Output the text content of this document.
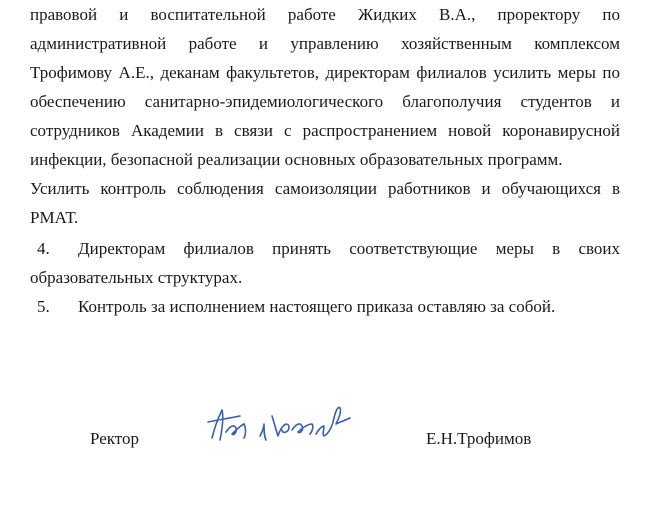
правовой и воспитательной работе Жидких В.А., проректору по
административной работе и управлению хозяйственным комплексом
Трофимову А.Е., деканам факультетов, директорам филиалов усилить меры по
обеспечению санитарно-эпидемиологического благополучия студентов и
сотрудников Академии в связи с распространением новой коронавирусной
инфекции, безопасной реализации основных образовательных программ.
Усилить контроль соблюдения самоизоляции работников и обучающихся в
РМАТ.
4. Директорам филиалов принять соответствующие меры в своих
образовательных структурах.
5. Контроль за исполнением настоящего приказа оставляю за собой.
Ректор	Е.Н.Трофимов
